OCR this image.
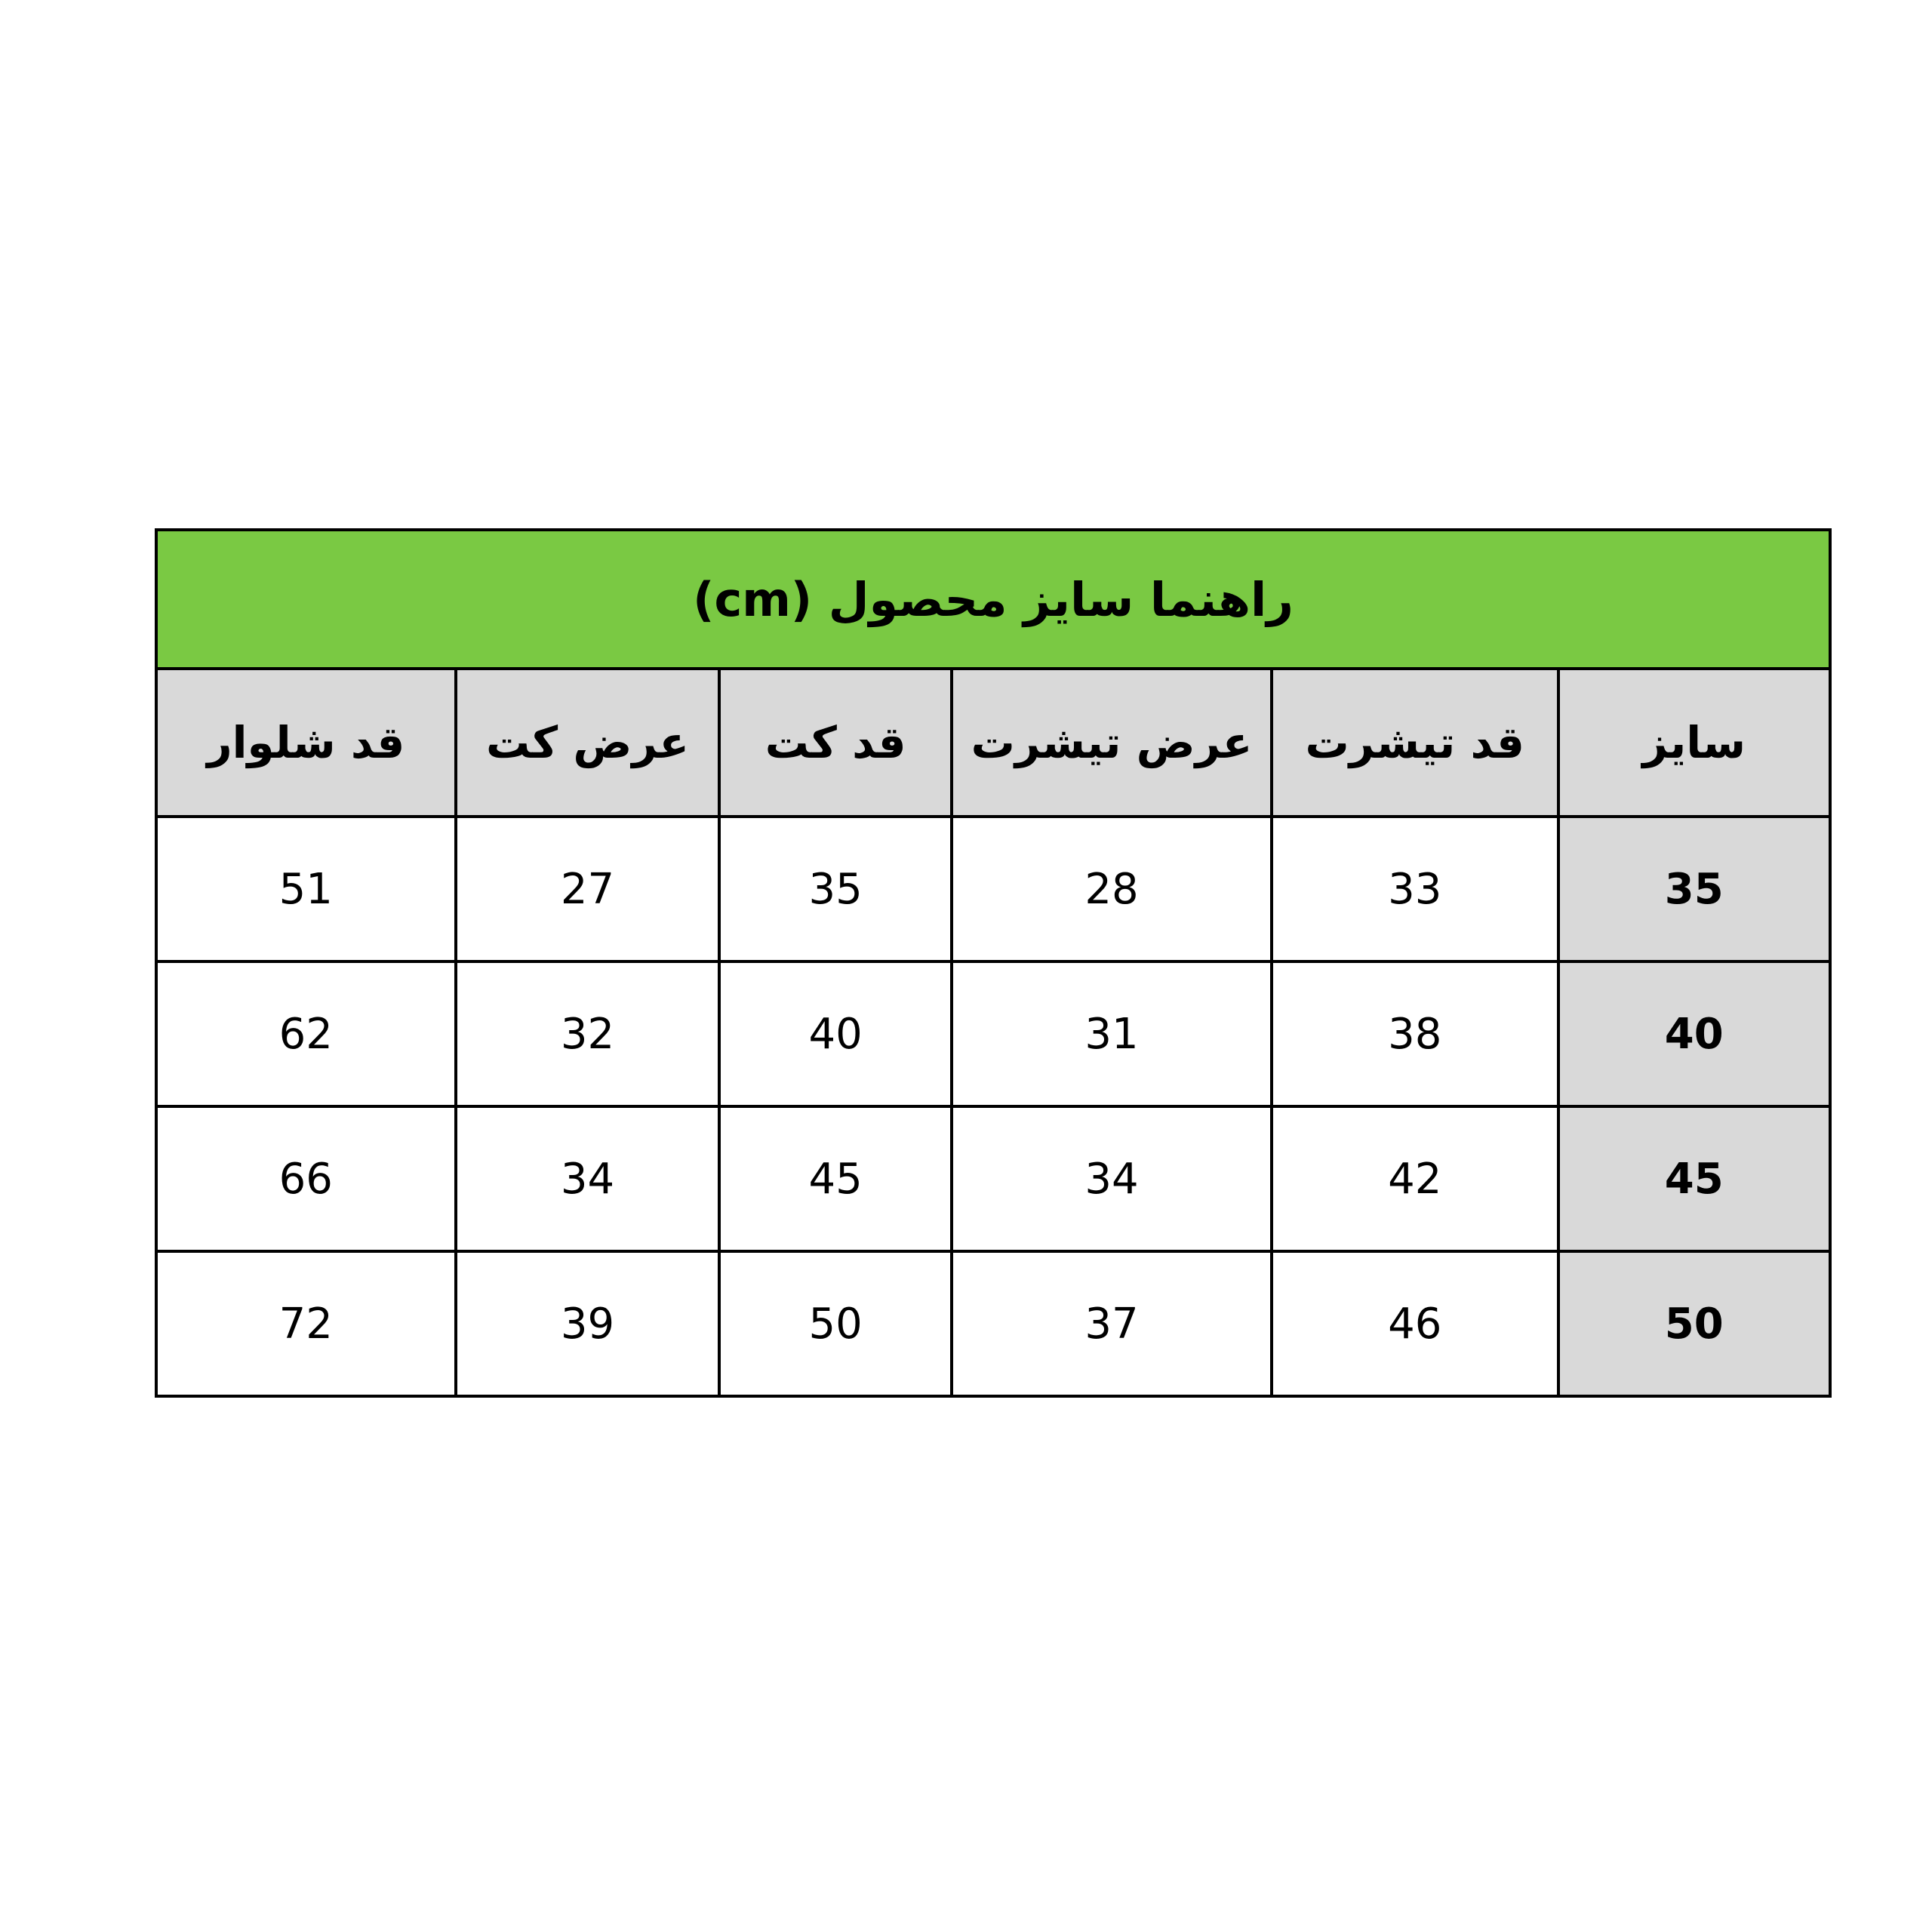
راهنما سایز محصول (cm)					
سایز	قد تیشرت	عرض تیشرت	قد کت	عرض کت	قد شلوار
35	33	28	35	27	51
40	38	31	40	32	62
45	42	34	45	34	66
50	46	37	50	39	72
